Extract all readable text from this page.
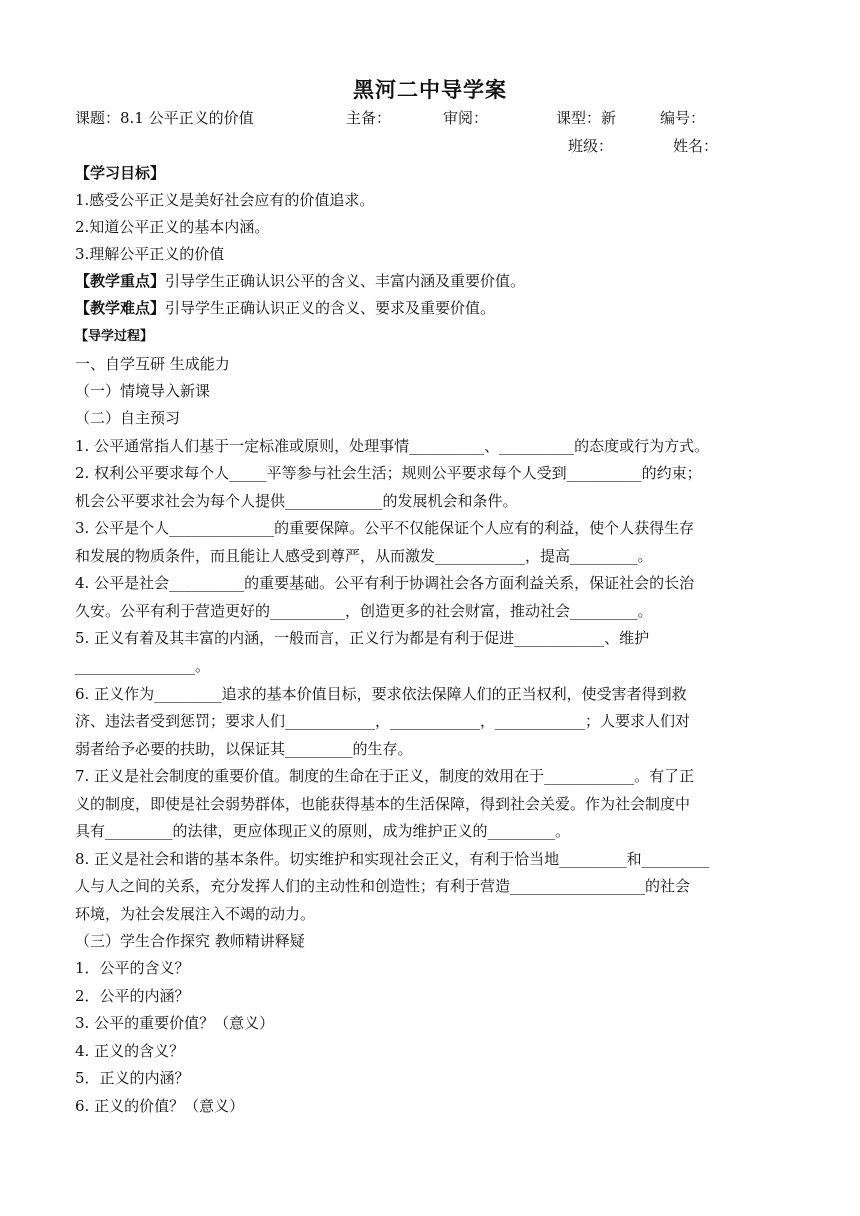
黑河二中导学案
课题：8.1 公平正义的价值	主备：	审阅：	课型：新	编号：
班级：	姓名：
【学习目标】
1.感受公平正义是美好社会应有的价值追求。
2.知道公平正义的基本内涵。
3.理解公平正义的价值
【教学重点】引导学生正确认识公平的含义、丰富内涵及重要价值。
【教学难点】引导学生正确认识正义的含义、要求及重要价值。
【导学过程】
一、自学互研 生成能力
（一）情境导入新课
（二）自主预习
1. 公平通常指人们基于一定标准或原则，处理事情__________、__________的态度或行为方式。
2. 权利公平要求每个人_____平等参与社会生活；规则公平要求每个人受到__________的约束；
机会公平要求社会为每个人提供_____________的发展机会和条件。
3. 公平是个人______________的重要保障。公平不仅能保证个人应有的利益，使个人获得生存
和发展的物质条件，而且能让人感受到尊严，从而激发____________，提高_________。
4. 公平是社会__________的重要基础。公平有利于协调社会各方面利益关系，保证社会的长治
久安。公平有利于营造更好的__________，创造更多的社会财富，推动社会_________。
5. 正义有着及其丰富的内涵，一般而言，正义行为都是有利于促进____________、维护
________________。
6. 正义作为_________追求的基本价值目标，要求依法保障人们的正当权利，使受害者得到救
济、违法者受到惩罚；要求人们____________，____________，____________；人要求人们对
弱者给予必要的扶助，以保证其_________的生存。
7. 正义是社会制度的重要价值。制度的生命在于正义，制度的效用在于____________。有了正
义的制度，即使是社会弱势群体，也能获得基本的生活保障，得到社会关爱。作为社会制度中
具有_________的法律，更应体现正义的原则，成为维护正义的_________。
8. 正义是社会和谐的基本条件。切实维护和实现社会正义，有利于恰当地_________和_________
人与人之间的关系，充分发挥人们的主动性和创造性；有利于营造__________________的社会
环境，为社会发展注入不竭的动力。
（三）学生合作探究 教师精讲释疑
1．公平的含义？
2．公平的内涵？
3. 公平的重要价值？（意义）
4. 正义的含义？
5．正义的内涵？
6. 正义的价值？（意义）
